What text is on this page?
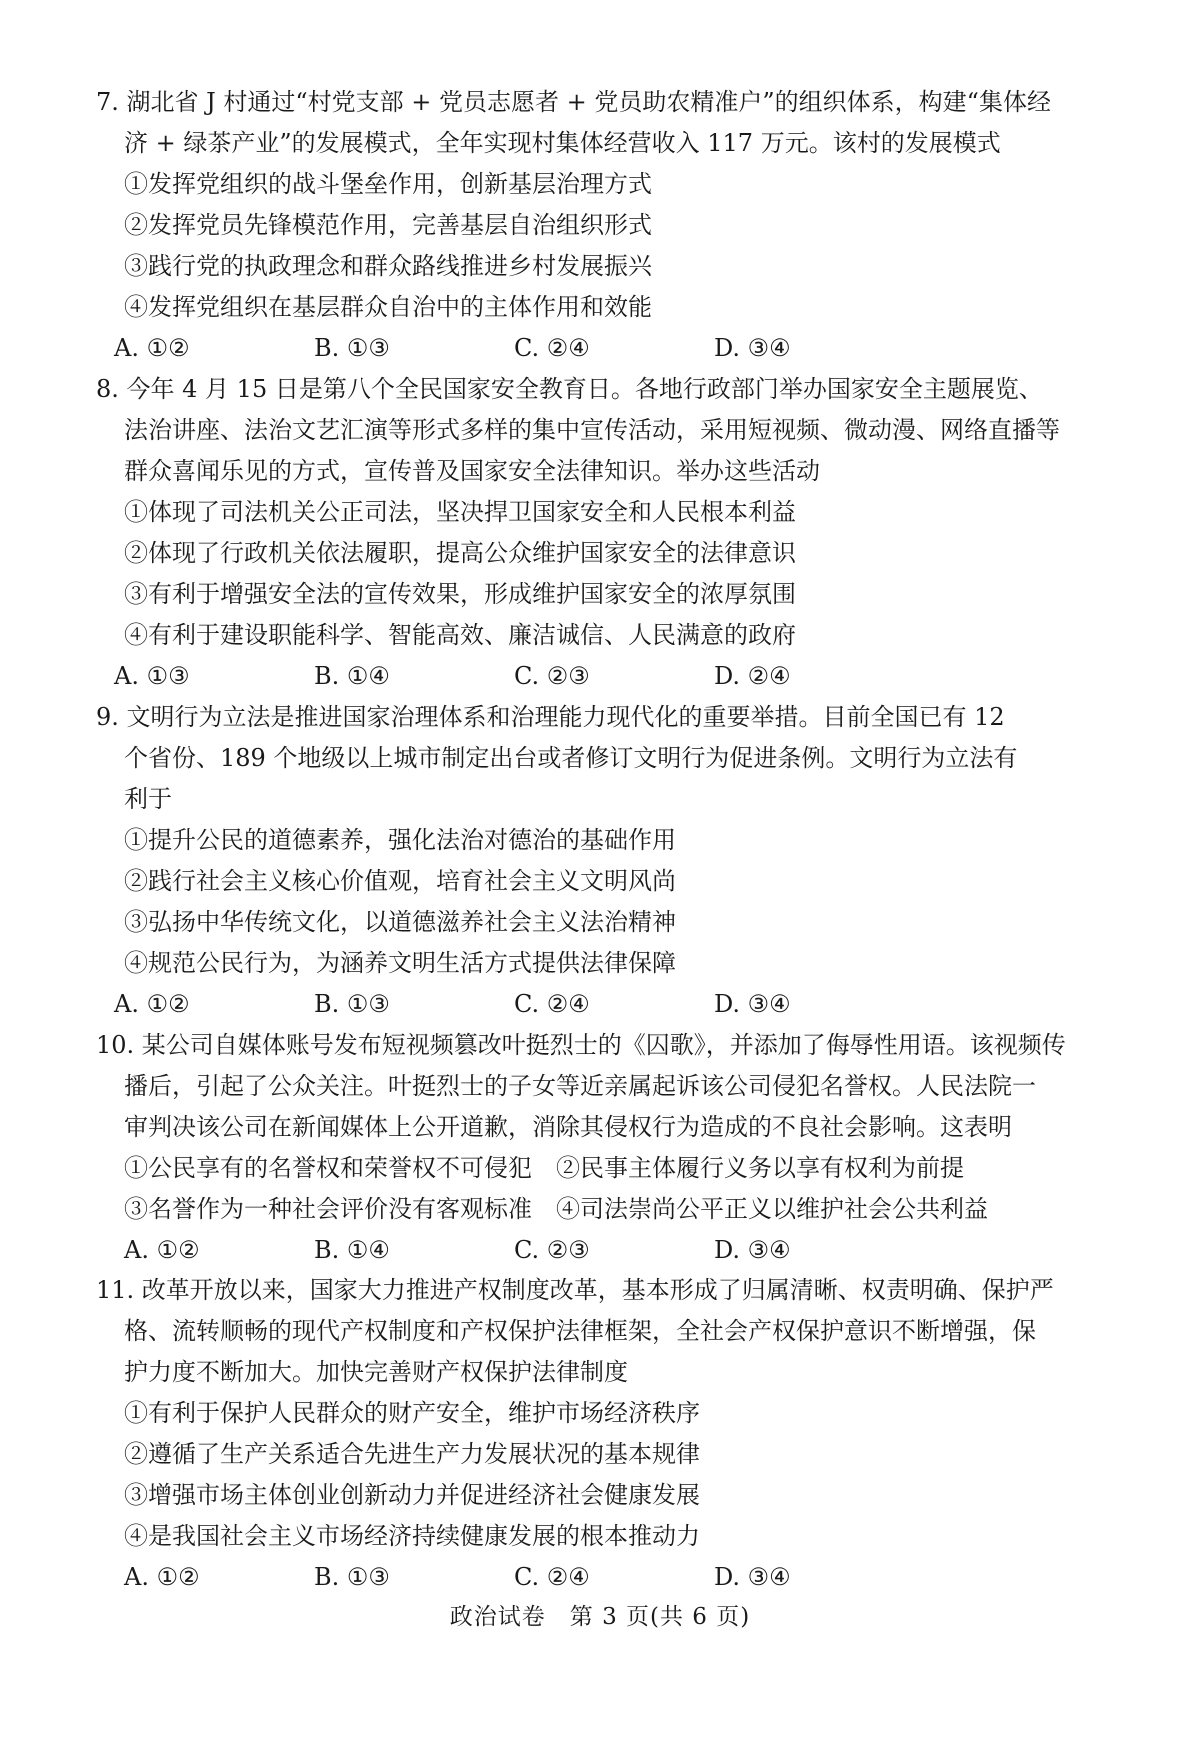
7. 湖北省 J 村通过“村党支部 + 党员志愿者 + 党员助农精准户”的组织体系，构建“集体经
济 + 绿茶产业”的发展模式，全年实现村集体经营收入 117 万元。该村的发展模式
①发挥党组织的战斗堡垒作用，创新基层治理方式
②发挥党员先锋模范作用，完善基层自治组织形式
③践行党的执政理念和群众路线推进乡村发展振兴
④发挥党组织在基层群众自治中的主体作用和效能
A. ①②	B. ①③	C. ②④	D. ③④
8. 今年 4 月 15 日是第八个全民国家安全教育日。各地行政部门举办国家安全主题展览、
法治讲座、法治文艺汇演等形式多样的集中宣传活动，采用短视频、微动漫、网络直播等
群众喜闻乐见的方式，宣传普及国家安全法律知识。举办这些活动
①体现了司法机关公正司法，坚决捍卫国家安全和人民根本利益
②体现了行政机关依法履职，提高公众维护国家安全的法律意识
③有利于增强安全法的宣传效果，形成维护国家安全的浓厚氛围
④有利于建设职能科学、智能高效、廉洁诚信、人民满意的政府
A. ①③	B. ①④	C. ②③	D. ②④
9. 文明行为立法是推进国家治理体系和治理能力现代化的重要举措。目前全国已有 12
个省份、189 个地级以上城市制定出台或者修订文明行为促进条例。文明行为立法有
利于
①提升公民的道德素养，强化法治对德治的基础作用
②践行社会主义核心价值观，培育社会主义文明风尚
③弘扬中华传统文化，以道德滋养社会主义法治精神
④规范公民行为，为涵养文明生活方式提供法律保障
A. ①②	B. ①③	C. ②④	D. ③④
10. 某公司自媒体账号发布短视频篡改叶挺烈士的《囚歌》，并添加了侮辱性用语。该视频传
播后，引起了公众关注。叶挺烈士的子女等近亲属起诉该公司侵犯名誉权。人民法院一
审判决该公司在新闻媒体上公开道歉，消除其侵权行为造成的不良社会影响。这表明
①公民享有的名誉权和荣誉权不可侵犯 ②民事主体履行义务以享有权利为前提
③名誉作为一种社会评价没有客观标准 ④司法崇尚公平正义以维护社会公共利益
A. ①②	B. ①④	C. ②③	D. ③④
11. 改革开放以来，国家大力推进产权制度改革，基本形成了归属清晰、权责明确、保护严
格、流转顺畅的现代产权制度和产权保护法律框架，全社会产权保护意识不断增强，保
护力度不断加大。加快完善财产权保护法律制度
①有利于保护人民群众的财产安全，维护市场经济秩序
②遵循了生产关系适合先进生产力发展状况的基本规律
③增强市场主体创业创新动力并促进经济社会健康发展
④是我国社会主义市场经济持续健康发展的根本推动力
A. ①②	B. ①③	C. ②④	D. ③④
政治试卷　第 3 页(共 6 页)
